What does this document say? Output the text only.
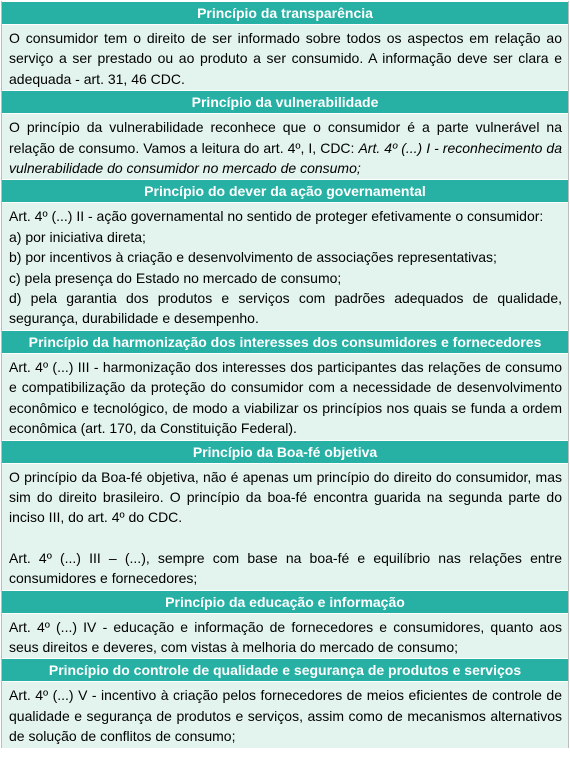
Princípio da transparência

O consumidor tem o direito de ser informado sobre todos os aspectos em relação ao serviço a ser prestado ou ao produto a ser consumido. A informação deve ser clara e adequada - art. 31, 46 CDC.

Princípio da vulnerabilidade

O princípio da vulnerabilidade reconhece que o consumidor é a parte vulnerável na relação de consumo. Vamos a leitura do art. 4º, I, CDC: Art. 4º (...) I - reconhecimento da vulnerabilidade do consumidor no mercado de consumo;

Princípio do dever da ação governamental

Art. 4º (...) II - ação governamental no sentido de proteger efetivamente o consumidor:

a) por iniciativa direta;

b) por incentivos à criação e desenvolvimento de associações representativas;

c) pela presença do Estado no mercado de consumo;

d) pela garantia dos produtos e serviços com padrões adequados de qualidade, segurança, durabilidade e desempenho.

Princípio da harmonização dos interesses dos consumidores e fornecedores

Art. 4º (...) III - harmonização dos interesses dos participantes das relações de consumo e compatibilização da proteção do consumidor com a necessidade de desenvolvimento econômico e tecnológico, de modo a viabilizar os princípios nos quais se funda a ordem econômica (art. 170, da Constituição Federal).

Princípio da Boa-fé objetiva

O princípio da Boa-fé objetiva, não é apenas um princípio do direito do consumidor, mas sim do direito brasileiro. O princípio da boa-fé encontra guarida na segunda parte do inciso III, do art. 4º do CDC.

Art. 4º (...) III – (...), sempre com base na boa-fé e equilíbrio nas relações entre consumidores e fornecedores;

Princípio da educação e informação

Art. 4º (...) IV - educação e informação de fornecedores e consumidores, quanto aos seus direitos e deveres, com vistas à melhoria do mercado de consumo;

Princípio do controle de qualidade e segurança de produtos e serviços

Art. 4º (...) V - incentivo à criação pelos fornecedores de meios eficientes de controle de qualidade e segurança de produtos e serviços, assim como de mecanismos alternativos de solução de conflitos de consumo;
